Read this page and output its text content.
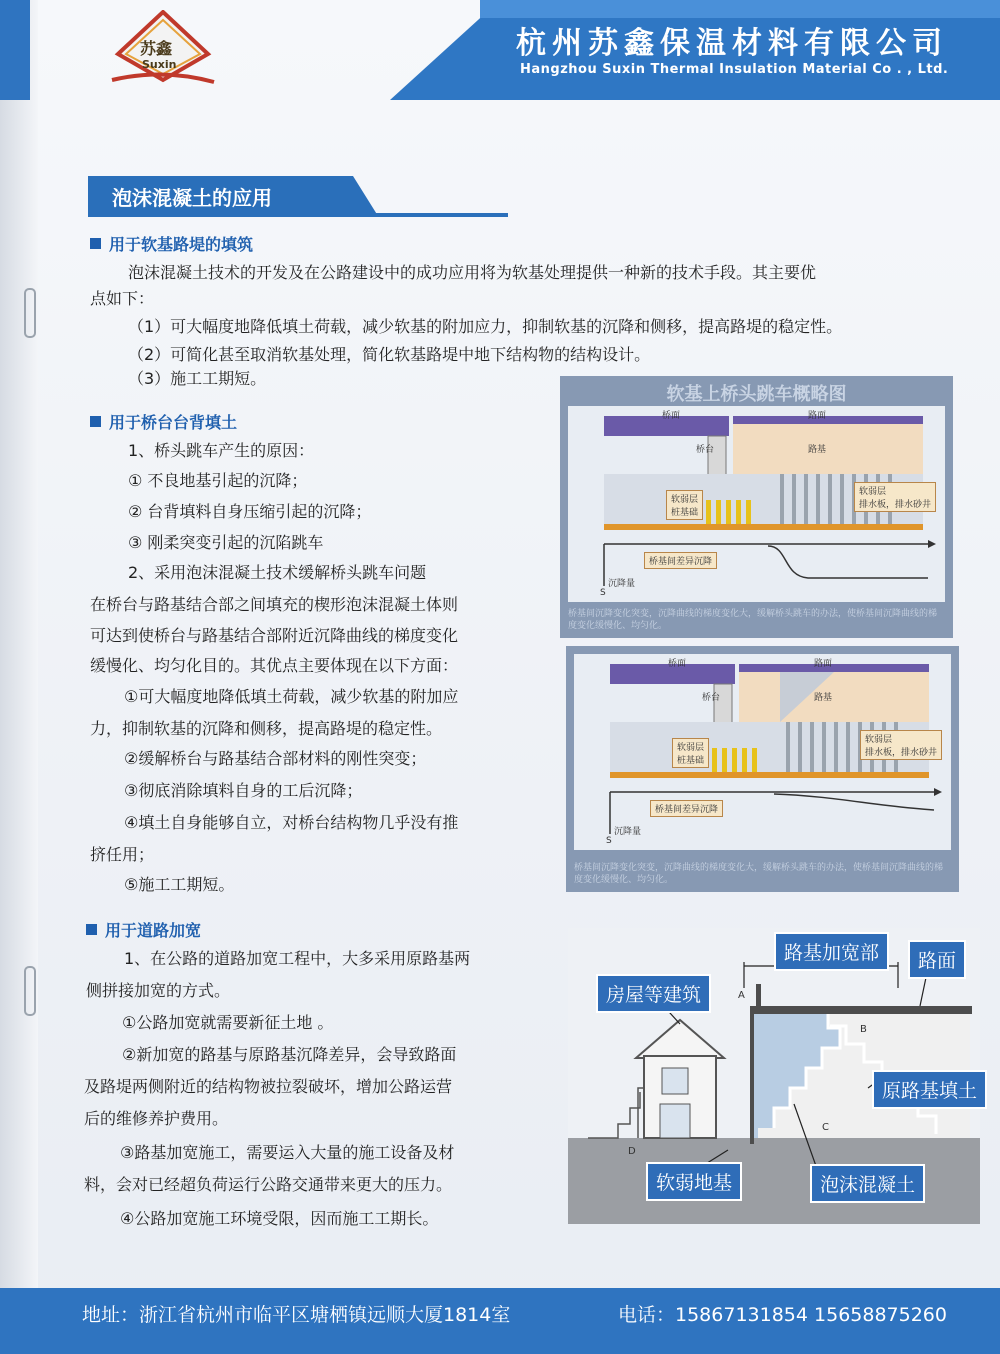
苏鑫
Suxin
杭州苏鑫保温材料有限公司
Hangzhou Suxin Thermal Insulation Material Co . , Ltd.
泡沫混凝土的应用
用于软基路堤的填筑
泡沫混凝土技术的开发及在公路建设中的成功应用将为软基处理提供一种新的技术手段。其主要优
点如下：
（1）可大幅度地降低填土荷载，减少软基的附加应力，抑制软基的沉降和侧移，提高路堤的稳定性。
（2）可简化甚至取消软基处理，简化软基路堤中地下结构物的结构设计。
（3）施工工期短。
用于桥台台背填土
1、桥头跳车产生的原因：
① 不良地基引起的沉降；
② 台背填料自身压缩引起的沉降；
③ 刚柔突变引起的沉陷跳车
2、采用泡沫混凝土技术缓解桥头跳车问题
在桥台与路基结合部之间填充的楔形泡沫混凝土体则
可达到使桥台与路基结合部附近沉降曲线的梯度变化
缓慢化、均匀化目的。其优点主要体现在以下方面：
①可大幅度地降低填土荷载，减少软基的附加应
力，抑制软基的沉降和侧移，提高路堤的稳定性。
②缓解桥台与路基结合部材料的刚性突变；
③彻底消除填料自身的工后沉降；
④填土自身能够自立，对桥台结构物几乎没有推
挤任用；
⑤施工工期短。
软基上桥头跳车概略图
桥面	路面
桥台	路基
软弱层
桩基础
软弱层
排水板，排水砂井
桥基间差异沉降
沉降量
S
桥基间沉降变化突变，沉降曲线的梯度变化大，缓解桥头跳车的办法，使桥基间沉降曲线的梯度变化缓慢化、均匀化。
桥面	路面
桥台	路基
软弱层
桩基础
软弱层
排水板，排水砂井
桥基间差异沉降
沉降量
S
桥基间沉降变化突变，沉降曲线的梯度变化大，缓解桥头跳车的办法，使桥基间沉降曲线的梯度变化缓慢化、均匀化。
用于道路加宽
1、在公路的道路加宽工程中，大多采用原路基两
侧拼接加宽的方式。
①公路加宽就需要新征土地 。
②新加宽的路基与原路基沉降差异，会导致路面
及路堤两侧附近的结构物被拉裂破坏，增加公路运营
后的维修养护费用。
③路基加宽施工，需要运入大量的施工设备及材
料，会对已经超负荷运行公路交通带来更大的压力。
④公路加宽施工环境受限，因而施工工期长。
路基加宽部	路面
房屋等建筑
原路基填土
软弱地基	泡沫混凝土
A
B
C
D
地址：浙江省杭州市临平区塘栖镇远顺大厦1814室	电话：15867131854 15658875260
